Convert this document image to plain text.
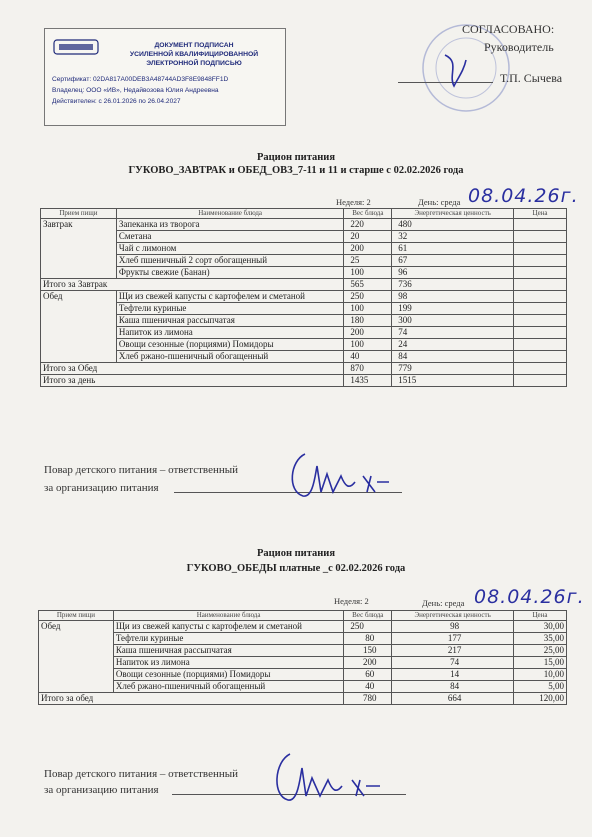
ДОКУМЕНТ ПОДПИСАН
УСИЛЕННОЙ КВАЛИФИЦИРОВАННОЙ
ЭЛЕКТРОННОЙ ПОДПИСЬЮ
Сертификат: 02DA817A00DEB3A48744AD3F8E9848FF1D
Владелец: ООО «ИВ», Недайвозова Юлия Андреевна
Действителен: с 26.01.2026 по 26.04.2027
СОГЛАСОВАНО:
Руководитель
Т.П. Сычева
Рацион питания
ГУКОВО_ЗАВТРАК и ОБЕД_ОВЗ_7-11 и 11 и старше с 02.02.2026 года
Неделя: 2	День: среда 08.04.26г.
Прием пищи	Наименование блюда	Вес блюда	Энергетическая ценность	Цена
Завтрак	Запеканка из творога	220	480	
	Сметана	20	32	
	Чай с лимоном	200	61	
	Хлеб пшеничный 2 сорт обогащенный	25	67	
	Фрукты свежие (Банан)	100	96	
Итого за Завтрак		565	736	
Обед	Щи из свежей капусты с картофелем и сметаной	250	98	
	Тефтели куриные	100	199	
	Каша пшеничная рассыпчатая	180	300	
	Напиток из лимона	200	74	
	Овощи сезонные (порциями) Помидоры	100	24	
	Хлеб ржано-пшеничный обогащенный	40	84	
Итого за Обед		870	779	
Итого за день		1435	1515	
Повар детского питания – ответственный
за организацию питания
Рацион питания
ГУКОВО_ОБЕДЫ платные _с 02.02.2026 года
Неделя: 2	День: среда 08.04.26г.
Прием пищи	Наименование блюда	Вес блюда	Энергетическая ценность	Цена
Обед	Щи из свежей капусты с картофелем и сметаной	250	98	30,00
	Тефтели куриные	80	177	35,00
	Каша пшеничная рассыпчатая	150	217	25,00
	Напиток из лимона	200	74	15,00
	Овощи сезонные (порциями) Помидоры	60	14	10,00
	Хлеб ржано-пшеничный обогащенный	40	84	5,00
Итого за обед		780	664	120,00
Повар детского питания – ответственный
за организацию питания
